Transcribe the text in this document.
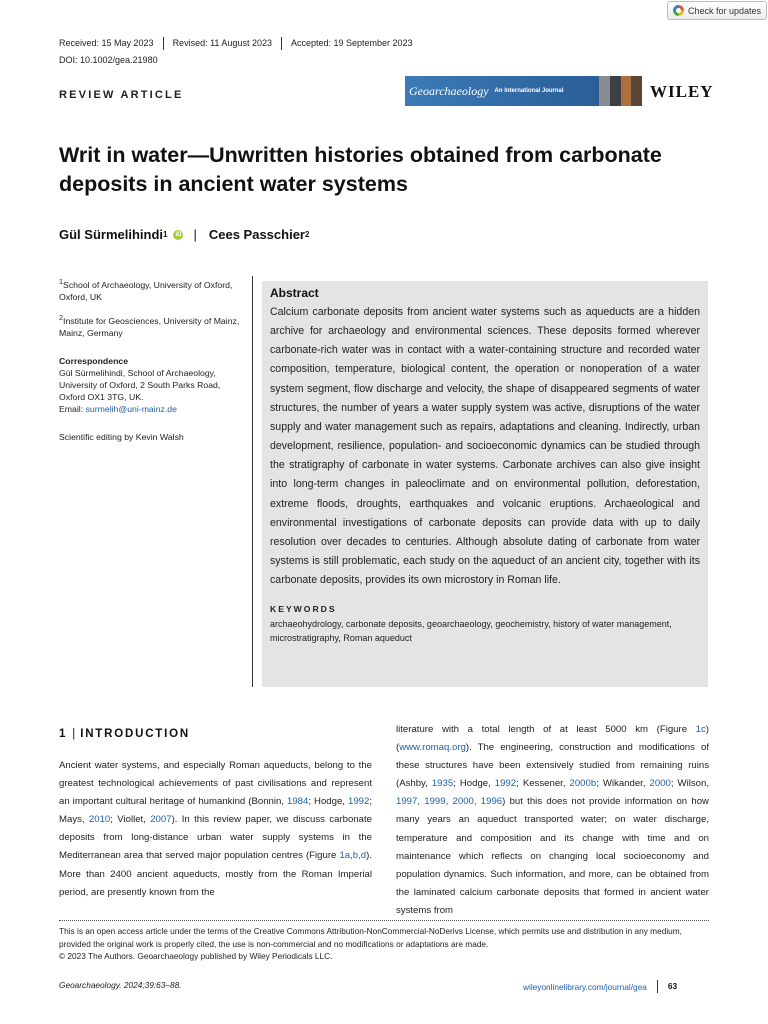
Check for updates
Received: 15 May 2023	Revised: 11 August 2023	Accepted: 19 September 2023
DOI: 10.1002/gea.21980
REVIEW ARTICLE	Geoarchaeology An International Journal	WILEY
Writ in water—Unwritten histories obtained from carbonate deposits in ancient water systems
Gül Sürmelihindi 1	iD | Cees Passchier 2

$^1$School of Archaeology, University of Oxford, Oxford, UK

$^2$Institute for Geosciences, University of Mainz, Mainz, Germany

Correspondence
Gül Sürmelihindi, School of Archaeology, University of Oxford, 2 South Parks Road, Oxford OX1 3TG, UK.
Email: surmelih@uni-mainz.de

Scientific editing by Kevin Walsh

Abstract
Calcium carbonate deposits from ancient water systems such as aqueducts are a hidden archive for archaeology and environmental sciences. These deposits formed wherever carbonate-rich water was in contact with a water-containing structure and recorded water composition, temperature, biological content, the operation or nonoperation of a water system segment, flow discharge and velocity, the shape of disappeared segments of water structures, the number of years a water supply system was active, disruptions of the water supply and water management such as repairs, adaptations and cleaning. Indirectly, urban development, resilience, population- and socioeconomic dynamics can be studied through the stratigraphy of carbonate in water systems. Carbonate archives can also give insight into long-term changes in paleoclimate and on environmental pollution, deforestation, extreme floods, droughts, earthquakes and volcanic eruptions. Archaeological and environmental investigations of carbonate deposits can provide data with up to daily resolution over decades to centuries. Although absolute dating of carbonate from water systems is still problematic, each study on the aqueduct of an ancient city, together with its carbonate deposits, provides its own microstory in Roman life.
KEYWORDS
archaeohydrology, carbonate deposits, geoarchaeology, geochemistry, history of water management, microstratigraphy, Roman aqueduct
1 | INTRODUCTION
Ancient water systems, and especially Roman aqueducts, belong to the greatest technological achievements of past civilisations and represent an important cultural heritage of humankind (Bonnin, 1984; Hodge, 1992; Mays, 2010; Viollet, 2007). In this review paper, we discuss carbonate deposits from long-distance urban water supply systems in the Mediterranean area that served major population centres (Figure 1a,b,d). More than 2400 ancient aqueducts, mostly from the Roman Imperial period, are presently known from the
literature with a total length of at least 5000 km (Figure 1c) (www.romaq.org). The engineering, construction and modifications of these structures have been extensively studied from remaining ruins (Ashby, 1935; Hodge, 1992; Kessener, 2000b; Wikander, 2000; Wilson, 1997, 1999, 2000, 1996) but this does not provide information on how many years an aqueduct transported water; on water discharge, temperature and composition and its change with time and on maintenance which reflects on changing local socioeconomy and population dynamics. Such information, and more, can be obtained from the laminated calcium carbonate deposits that formed in ancient water systems from
This is an open access article under the terms of the Creative Commons Attribution-NonCommercial-NoDerivs License, which permits use and distribution in any medium, provided the original work is properly cited, the use is non-commercial and no modifications or adaptations are made.
© 2023 The Authors. Geoarchaeology published by Wiley Periodicals LLC.
Geoarchaeology. 2024;39:63–88.	wileyonlinelibrary.com/journal/gea	63
